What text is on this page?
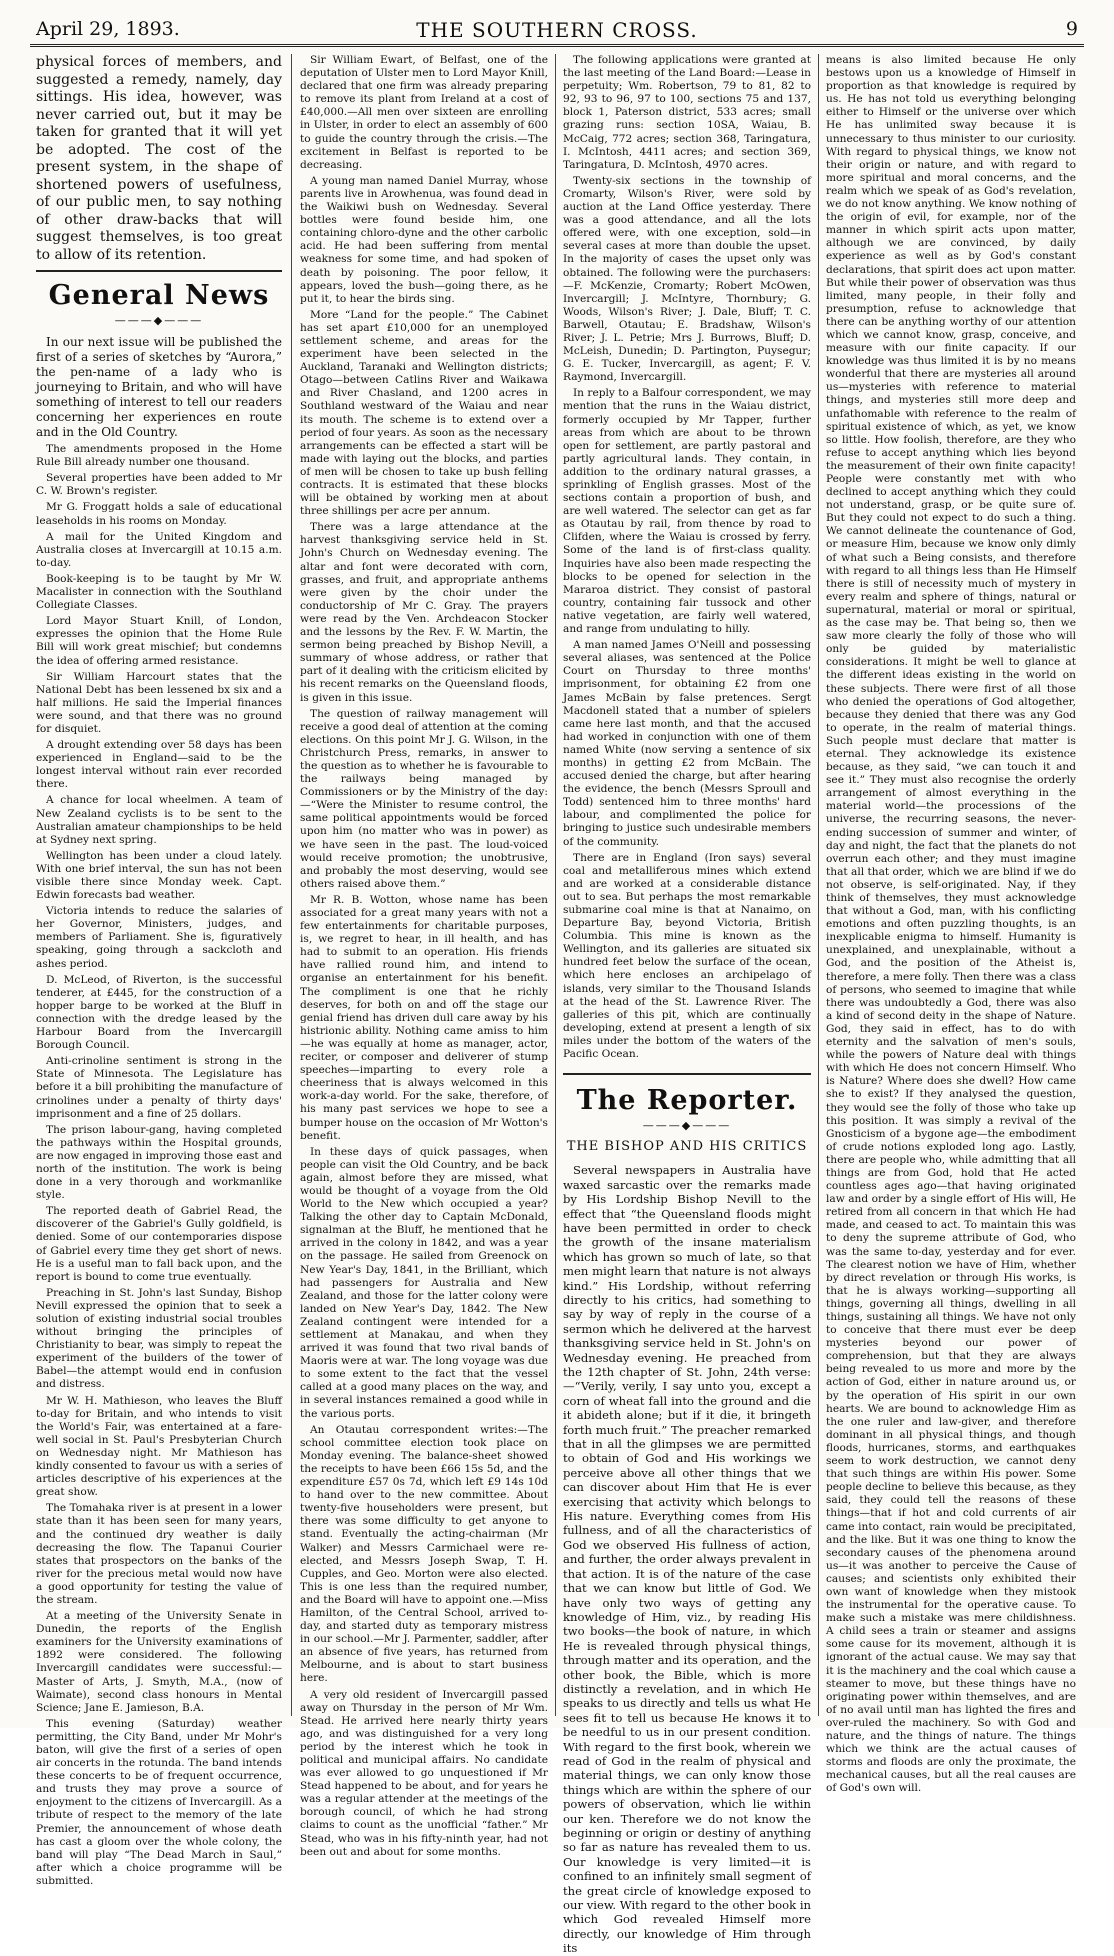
April 29, 1893.	THE SOUTHERN CROSS.	9

physical forces of members, and suggested a remedy, namely, day sittings. His idea, however, was never carried out, but it may be taken for granted that it will yet be adopted. The cost of the present system, in the shape of shortened powers of usefulness, of our public men, to say nothing of other draw-backs that will suggest themselves, is too great to allow of its retention.

General News
———◆———

In our next issue will be published the first of a series of sketches by “Aurora,” the pen-name of a lady who is journeying to Britain, and who will have something of interest to tell our readers concerning her experiences en route and in the Old Country.

The amendments proposed in the Home Rule Bill already number one thousand.

Several properties have been added to Mr C. W. Brown's register.

Mr G. Froggatt holds a sale of educational leaseholds in his rooms on Monday.

A mail for the United Kingdom and Australia closes at Invercargill at 10.15 a.m. to-day.

Book-keeping is to be taught by Mr W. Macalister in connection with the Southland Collegiate Classes.

Lord Mayor Stuart Knill, of London, expresses the opinion that the Home Rule Bill will work great mischief; but condemns the idea of offering armed resistance.

Sir William Harcourt states that the National Debt has been lessened bx six and a half millions. He said the Imperial finances were sound, and that there was no ground for disquiet.

A drought extending over 58 days has been experienced in England—said to be the longest interval without rain ever recorded there.

A chance for local wheelmen. A team of New Zealand cyclists is to be sent to the Australian amateur championships to be held at Sydney next spring.

Wellington has been under a cloud lately. With one brief interval, the sun has not been visible there since Monday week. Capt. Edwin forecasts bad weather.

Victoria intends to reduce the salaries of her Governor, Ministers, judges, and members of Parliament. She is, figuratively speaking, going through a sackcloth and ashes period.

D. McLeod, of Riverton, is the successful tenderer, at £445, for the construction of a hopper barge to be worked at the Bluff in connection with the dredge leased by the Harbour Board from the Invercargill Borough Council.

Anti-crinoline sentiment is strong in the State of Minnesota. The Legislature has before it a bill prohibiting the manufacture of crinolines under a penalty of thirty days' imprisonment and a fine of 25 dollars.

The prison labour-gang, having completed the pathways within the Hospital grounds, are now engaged in improving those east and north of the institution. The work is being done in a very thorough and workmanlike style.

The reported death of Gabriel Read, the discoverer of the Gabriel's Gully goldfield, is denied. Some of our contemporaries dispose of Gabriel every time they get short of news. He is a useful man to fall back upon, and the report is bound to come true eventually.

Preaching in St. John's last Sunday, Bishop Nevill expressed the opinion that to seek a solution of existing industrial social troubles without bringing the principles of Christianity to bear, was simply to repeat the experiment of the builders of the tower of Babel—the attempt would end in confusion and distress.

Mr W. H. Mathieson, who leaves the Bluff to-day for Britain, and who intends to visit the World's Fair, was entertained at a fare-well social in St. Paul's Presbyterian Church on Wednesday night. Mr Mathieson has kindly consented to favour us with a series of articles descriptive of his experiences at the great show.

The Tomahaka river is at present in a lower state than it has been seen for many years, and the continued dry weather is daily decreasing the flow. The Tapanui Courier states that prospectors on the banks of the river for the precious metal would now have a good opportunity for testing the value of the stream.

At a meeting of the University Senate in Dunedin, the reports of the English examiners for the University examinations of 1892 were considered. The following Invercargill candidates were successful:—Master of Arts, J. Smyth, M.A., (now of Waimate), second class honours in Mental Science; Jane E. Jamieson, B.A.

This evening (Saturday) weather permitting, the City Band, under Mr Mohr's baton, will give the first of a series of open air concerts in the rotunda. The band intends these concerts to be of frequent occurrence, and trusts they may prove a source of enjoyment to the citizens of Invercargill. As a tribute of respect to the memory of the late Premier, the announcement of whose death has cast a gloom over the whole colony, the band will play “The Dead March in Saul,” after which a choice programme will be submitted.

Sir William Ewart, of Belfast, one of the deputation of Ulster men to Lord Mayor Knill, declared that one firm was already preparing to remove its plant from Ireland at a cost of £40,000.—All men over sixteen are enrolling in Ulster, in order to elect an assembly of 600 to guide the country through the crisis.—The excitement in Belfast is reported to be decreasing.

A young man named Daniel Murray, whose parents live in Arowhenua, was found dead in the Waikiwi bush on Wednesday. Several bottles were found beside him, one containing chloro-dyne and the other carbolic acid. He had been suffering from mental weakness for some time, and had spoken of death by poisoning. The poor fellow, it appears, loved the bush—going there, as he put it, to hear the birds sing.

More “Land for the people.” The Cabinet has set apart £10,000 for an unemployed settlement scheme, and areas for the experiment have been selected in the Auckland, Taranaki and Wellington districts; Otago—between Catlins River and Waikawa and River Chasland, and 1200 acres in Southland westward of the Waiau and near its mouth. The scheme is to extend over a period of four years. As soon as the necessary arrangements can be effected a start will be made with laying out the blocks, and parties of men will be chosen to take up bush felling contracts. It is estimated that these blocks will be obtained by working men at about three shillings per acre per annum.

There was a large attendance at the harvest thanksgiving service held in St. John's Church on Wednesday evening. The altar and font were decorated with corn, grasses, and fruit, and appropriate anthems were given by the choir under the conductorship of Mr C. Gray. The prayers were read by the Ven. Archdeacon Stocker and the lessons by the Rev. F. W. Martin, the sermon being preached by Bishop Nevill, a summary of whose address, or rather that part of it dealing with the criticism elicited by his recent remarks on the Queensland floods, is given in this issue.

The question of railway management will receive a good deal of attention at the coming elections. On this point Mr J. G. Wilson, in the Christchurch Press, remarks, in answer to the question as to whether he is favourable to the railways being managed by Commissioners or by the Ministry of the day:—“Were the Minister to resume control, the same political appointments would be forced upon him (no matter who was in power) as we have seen in the past. The loud-voiced would receive promotion; the unobtrusive, and probably the most deserving, would see others raised above them.”

Mr R. B. Wotton, whose name has been associated for a great many years with not a few entertainments for charitable purposes, is, we regret to hear, in ill health, and has had to submit to an operation. His friends have rallied round him, and intend to organise an entertainment for his benefit. The compliment is one that he richly deserves, for both on and off the stage our genial friend has driven dull care away by his histrionic ability. Nothing came amiss to him—he was equally at home as manager, actor, reciter, or composer and deliverer of stump speeches—imparting to every role a cheeriness that is always welcomed in this work-a-day world. For the sake, therefore, of his many past services we hope to see a bumper house on the occasion of Mr Wotton's benefit.

In these days of quick passages, when people can visit the Old Country, and be back again, almost before they are missed, what would be thought of a voyage from the Old World to the New which occupied a year? Talking the other day to Captain McDonald, signalman at the Bluff, he mentioned that he arrived in the colony in 1842, and was a year on the passage. He sailed from Greenock on New Year's Day, 1841, in the Brilliant, which had passengers for Australia and New Zealand, and those for the latter colony were landed on New Year's Day, 1842. The New Zealand contingent were intended for a settlement at Manakau, and when they arrived it was found that two rival bands of Maoris were at war. The long voyage was due to some extent to the fact that the vessel called at a good many places on the way, and in several instances remained a good while in the various ports.

An Otautau correspondent writes:—The school committee election took place on Monday evening. The balance-sheet showed the receipts to have been £66 15s 5d, and the expenditure £57 0s 7d, which left £9 14s 10d to hand over to the new committee. About twenty-five householders were present, but there was some difficulty to get anyone to stand. Eventually the acting-chairman (Mr Walker) and Messrs Carmichael were re-elected, and Messrs Joseph Swap, T. H. Cupples, and Geo. Morton were also elected. This is one less than the required number, and the Board will have to appoint one.—Miss Hamilton, of the Central School, arrived to-day, and started duty as temporary mistress in our school.—Mr J. Parmenter, saddler, after an absence of five years, has returned from Melbourne, and is about to start business here.

A very old resident of Invercargill passed away on Thursday in the person of Mr Wm. Stead. He arrived here nearly thirty years ago, and was distinguished for a very long period by the interest which he took in political and municipal affairs. No candidate was ever allowed to go unquestioned if Mr Stead happened to be about, and for years he was a regular attender at the meetings of the borough council, of which he had strong claims to count as the unofficial “father.” Mr Stead, who was in his fifty-ninth year, had not been out and about for some months.

The following applications were granted at the last meeting of the Land Board:—Lease in perpetuity; Wm. Robertson, 79 to 81, 82 to 92, 93 to 96, 97 to 100, sections 75 and 137, block 1, Paterson district, 533 acres; small grazing runs: section 10SA, Waiau, B. McCaig, 772 acres; section 368, Taringatura, I. McIntosh, 4411 acres; and section 369, Taringatura, D. McIntosh, 4970 acres.

Twenty-six sections in the township of Cromarty, Wilson's River, were sold by auction at the Land Office yesterday. There was a good attendance, and all the lots offered were, with one exception, sold—in several cases at more than double the upset. In the majority of cases the upset only was obtained. The following were the purchasers:—F. McKenzie, Cromarty; Robert McOwen, Invercargill; J. McIntyre, Thornbury; G. Woods, Wilson's River; J. Dale, Bluff; T. C. Barwell, Otautau; E. Bradshaw, Wilson's River; J. L. Petrie; Mrs J. Burrows, Bluff; D. McLeish, Dunedin; D. Partington, Puysegur; G. E. Tucker, Invercargill, as agent; F. V. Raymond, Invercargill.

In reply to a Balfour correspondent, we may mention that the runs in the Waiau district, formerly occupied by Mr Tapper, further areas from which are about to be thrown open for settlement, are partly pastoral and partly agricultural lands. They contain, in addition to the ordinary natural grasses, a sprinkling of English grasses. Most of the sections contain a proportion of bush, and are well watered. The selector can get as far as Otautau by rail, from thence by road to Clifden, where the Waiau is crossed by ferry. Some of the land is of first-class quality. Inquiries have also been made respecting the blocks to be opened for selection in the Mararoa district. They consist of pastoral country, containing fair tussock and other native vegetation, are fairly well watered, and range from undulating to hilly.

A man named James O'Neill and possessing several aliases, was sentenced at the Police Court on Thursday to three months' imprisonment, for obtaining £2 from one James McBain by false pretences. Sergt Macdonell stated that a number of spielers came here last month, and that the accused had worked in conjunction with one of them named White (now serving a sentence of six months) in getting £2 from McBain. The accused denied the charge, but after hearing the evidence, the bench (Messrs Sproull and Todd) sentenced him to three months' hard labour, and complimented the police for bringing to justice such undesirable members of the community.

There are in England (Iron says) several coal and metalliferous mines which extend and are worked at a considerable distance out to sea. But perhaps the most remarkable submarine coal mine is that at Nanaimo, on Departure Bay, beyond Victoria, British Columbia. This mine is known as the Wellington, and its galleries are situated six hundred feet below the surface of the ocean, which here encloses an archipelago of islands, very similar to the Thousand Islands at the head of the St. Lawrence River. The galleries of this pit, which are continually developing, extend at present a length of six miles under the bottom of the waters of the Pacific Ocean.

The Reporter.
———◆———
THE BISHOP AND HIS CRITICS

Several newspapers in Australia have waxed sarcastic over the remarks made by His Lordship Bishop Nevill to the effect that “the Queensland floods might have been permitted in order to check the growth of the insane materialism which has grown so much of late, so that men might learn that nature is not always kind.” His Lordship, without referring directly to his critics, had something to say by way of reply in the course of a sermon which he delivered at the harvest thanksgiving service held in St. John's on Wednesday evening. He preached from the 12th chapter of St. John, 24th verse:—“Verily, verily, I say unto you, except a corn of wheat fall into the ground and die it abideth alone; but if it die, it bringeth forth much fruit.” The preacher remarked that in all the glimpses we are permitted to obtain of God and His workings we perceive above all other things that we can discover about Him that He is ever exercising that activity which belongs to His nature. Everything comes from His fullness, and of all the characteristics of God we observed His fullness of action, and further, the order always prevalent in that action. It is of the nature of the case that we can know but little of God. We have only two ways of getting any knowledge of Him, viz., by reading His two books—the book of nature, in which He is revealed through physical things, through matter and its operation, and the other book, the Bible, which is more distinctly a revelation, and in which He speaks to us directly and tells us what He sees fit to tell us because He knows it to be needful to us in our present condition. With regard to the first book, wherein we read of God in the realm of physical and material things, we can only know those things which are within the sphere of our powers of observation, which lie within our ken. Therefore we do not know the beginning or origin or destiny of anything so far as nature has revealed them to us. Our knowledge is very limited—it is confined to an infinitely small segment of the great circle of knowledge exposed to our view. With regard to the other book in which God revealed Himself more directly, our knowledge of Him through its

means is also limited because He only bestows upon us a knowledge of Himself in proportion as that knowledge is required by us. He has not told us everything belonging either to Himself or the universe over which He has unlimited sway because it is unnecessary to thus minister to our curiosity. With regard to physical things, we know not their origin or nature, and with regard to more spiritual and moral concerns, and the realm which we speak of as God's revelation, we do not know anything. We know nothing of the origin of evil, for example, nor of the manner in which spirit acts upon matter, although we are convinced, by daily experience as well as by God's constant declarations, that spirit does act upon matter. But while their power of observation was thus limited, many people, in their folly and presumption, refuse to acknowledge that there can be anything worthy of our attention which we cannot know, grasp, conceive, and measure with our finite capacity. If our knowledge was thus limited it is by no means wonderful that there are mysteries all around us—mysteries with reference to material things, and mysteries still more deep and unfathomable with reference to the realm of spiritual existence of which, as yet, we know so little. How foolish, therefore, are they who refuse to accept anything which lies beyond the measurement of their own finite capacity! People were constantly met with who declined to accept anything which they could not understand, grasp, or be quite sure of. But they could not expect to do such a thing. We cannot delineate the countenance of God, or measure Him, because we know only dimly of what such a Being consists, and therefore with regard to all things less than He Himself there is still of necessity much of mystery in every realm and sphere of things, natural or supernatural, material or moral or spiritual, as the case may be. That being so, then we saw more clearly the folly of those who will only be guided by materialistic considerations. It might be well to glance at the different ideas existing in the world on these subjects. There were first of all those who denied the operations of God altogether, because they denied that there was any God to operate, in the realm of material things. Such people must declare that matter is eternal. They acknowledge its existence because, as they said, “we can touch it and see it.” They must also recognise the orderly arrangement of almost everything in the material world—the processions of the universe, the recurring seasons, the never-ending succession of summer and winter, of day and night, the fact that the planets do not overrun each other; and they must imagine that all that order, which we are blind if we do not observe, is self-originated. Nay, if they think of themselves, they must acknowledge that without a God, man, with his conflicting emotions and often puzzling thoughts, is an inexplicable enigma to himself. Humanity is unexplained, and unexplainable, without a God, and the position of the Atheist is, therefore, a mere folly. Then there was a class of persons, who seemed to imagine that while there was undoubtedly a God, there was also a kind of second deity in the shape of Nature. God, they said in effect, has to do with eternity and the salvation of men's souls, while the powers of Nature deal with things with which He does not concern Himself. Who is Nature? Where does she dwell? How came she to exist? If they analysed the question, they would see the folly of those who take up this position. It was simply a revival of the Gnosticism of a bygone age—the embodiment of crude notions exploded long ago. Lastly, there are people who, while admitting that all things are from God, hold that He acted countless ages ago—that having originated law and order by a single effort of His will, He retired from all concern in that which He had made, and ceased to act. To maintain this was to deny the supreme attribute of God, who was the same to-day, yesterday and for ever. The clearest notion we have of Him, whether by direct revelation or through His works, is that he is always working—supporting all things, governing all things, dwelling in all things, sustaining all things. We have not only to conceive that there must ever be deep mysteries beyond our power of comprehension, but that they are always being revealed to us more and more by the action of God, either in nature around us, or by the operation of His spirit in our own hearts. We are bound to acknowledge Him as the one ruler and law-giver, and therefore dominant in all physical things, and though floods, hurricanes, storms, and earthquakes seem to work destruction, we cannot deny that such things are within His power. Some people decline to believe this because, as they said, they could tell the reasons of these things—that if hot and cold currents of air came into contact, rain would be precipitated, and the like. But it was one thing to know the secondary causes of the phenomena around us—it was another to perceive the Cause of causes; and scientists only exhibited their own want of knowledge when they mistook the instrumental for the operative cause. To make such a mistake was mere childishness. A child sees a train or steamer and assigns some cause for its movement, although it is ignorant of the actual cause. We may say that it is the machinery and the coal which cause a steamer to move, but these things have no originating power within themselves, and are of no avail until man has lighted the fires and over-ruled the machinery. So with God and nature, and the things of nature. The things which we think are the actual causes of storms and floods are only the proximate, the mechanical causes, but all the real causes are of God's own will.
